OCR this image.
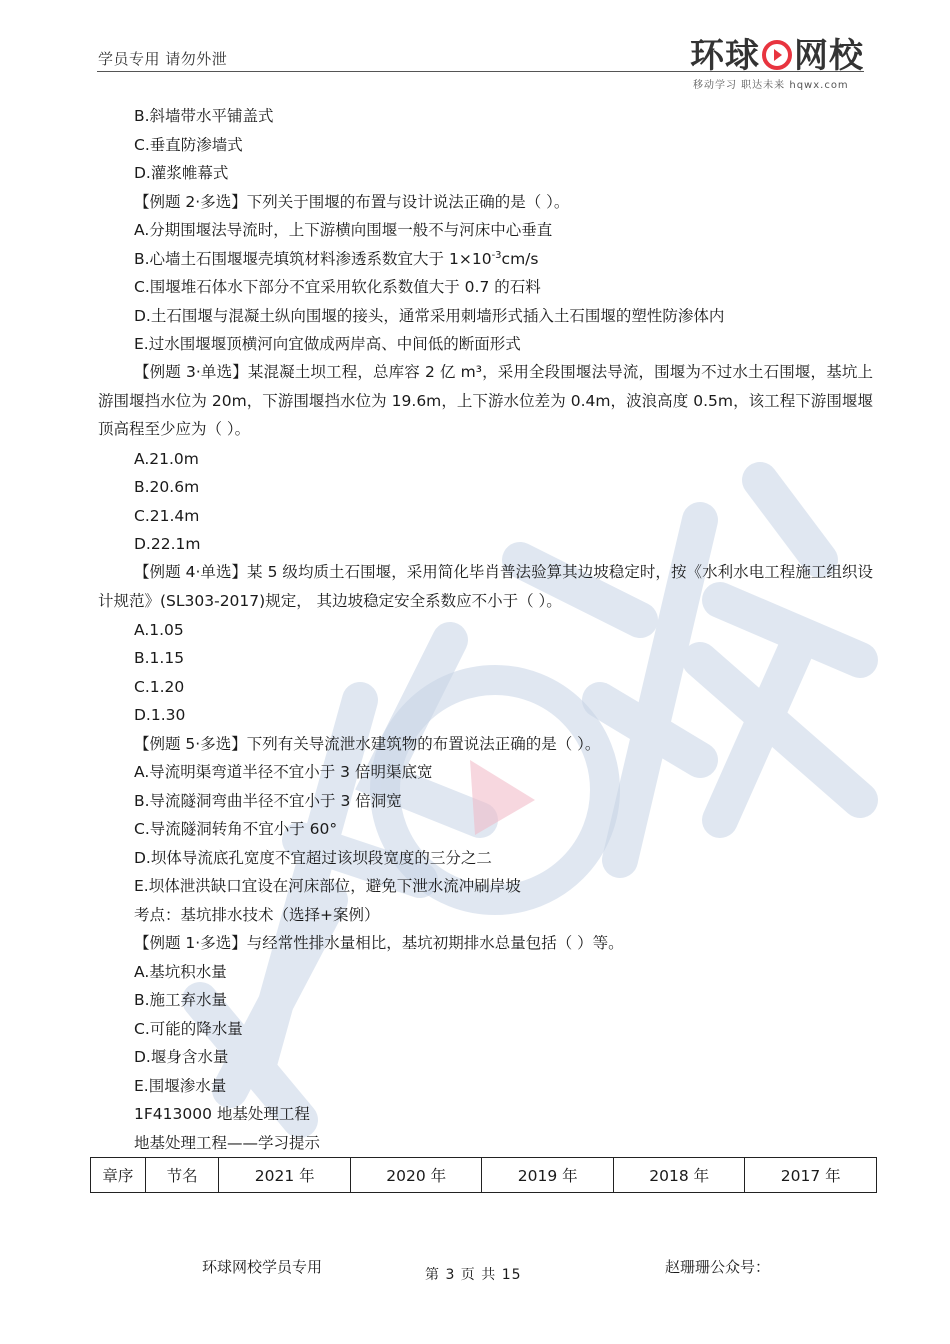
学员专用 请勿外泄	环球 网校
移动学习 职达未来 hqwx.com
B.斜墙带水平铺盖式
C.垂直防渗墙式
D.灌浆帷幕式
【例题 2·多选】下列关于围堰的布置与设计说法正确的是（ ）。
A.分期围堰法导流时，上下游横向围堰一般不与河床中心垂直
B.心墙土石围堰堰壳填筑材料渗透系数宜大于 $1\times 10^{-3}cm/s$
C.围堰堆石体水下部分不宜采用软化系数值大于 0.7 的石料
D.土石围堰与混凝土纵向围堰的接头，通常采用刺墙形式插入土石围堰的塑性防渗体内
E.过水围堰堰顶横河向宜做成两岸高、中间低的断面形式
【例题 3·单选】某混凝土坝工程，总库容 2 亿 m³，采用全段围堰法导流，围堰为不过水土石围堰，基坑上游围堰挡水位为 20m，下游围堰挡水位为 19.6m，上下游水位差为 0.4m，波浪高度 0.5m，该工程下游围堰堰顶高程至少应为（ ）。
A.21.0m
B.20.6m
C.21.4m
D.22.1m
【例题 4·单选】某 5 级均质土石围堰，采用简化毕肖普法验算其边坡稳定时，按《水利水电工程施工组织设计规范》(SL303-2017)规定， 其边坡稳定安全系数应不小于（ ）。
A.1.05
B.1.15
C.1.20
D.1.30
【例题 5·多选】下列有关导流泄水建筑物的布置说法正确的是（ ）。
A.导流明渠弯道半径不宜小于 3 倍明渠底宽
B.导流隧洞弯曲半径不宜小于 3 倍洞宽
C.导流隧洞转角不宜小于 60°
D.坝体导流底孔宽度不宜超过该坝段宽度的三分之二
E.坝体泄洪缺口宜设在河床部位，避免下泄水流冲刷岸坡
考点：基坑排水技术（选择+案例）
【例题 1·多选】与经常性排水量相比，基坑初期排水总量包括（ ）等。
A.基坑积水量
B.施工弃水量
C.可能的降水量
D.堰身含水量
E.围堰渗水量
1F413000 地基处理工程
地基处理工程——学习提示
章序	节名	2021 年	2020 年	2019 年	2018 年	2017 年
环球网校学员专用	第 3 页 共 15	赵珊珊公众号：
